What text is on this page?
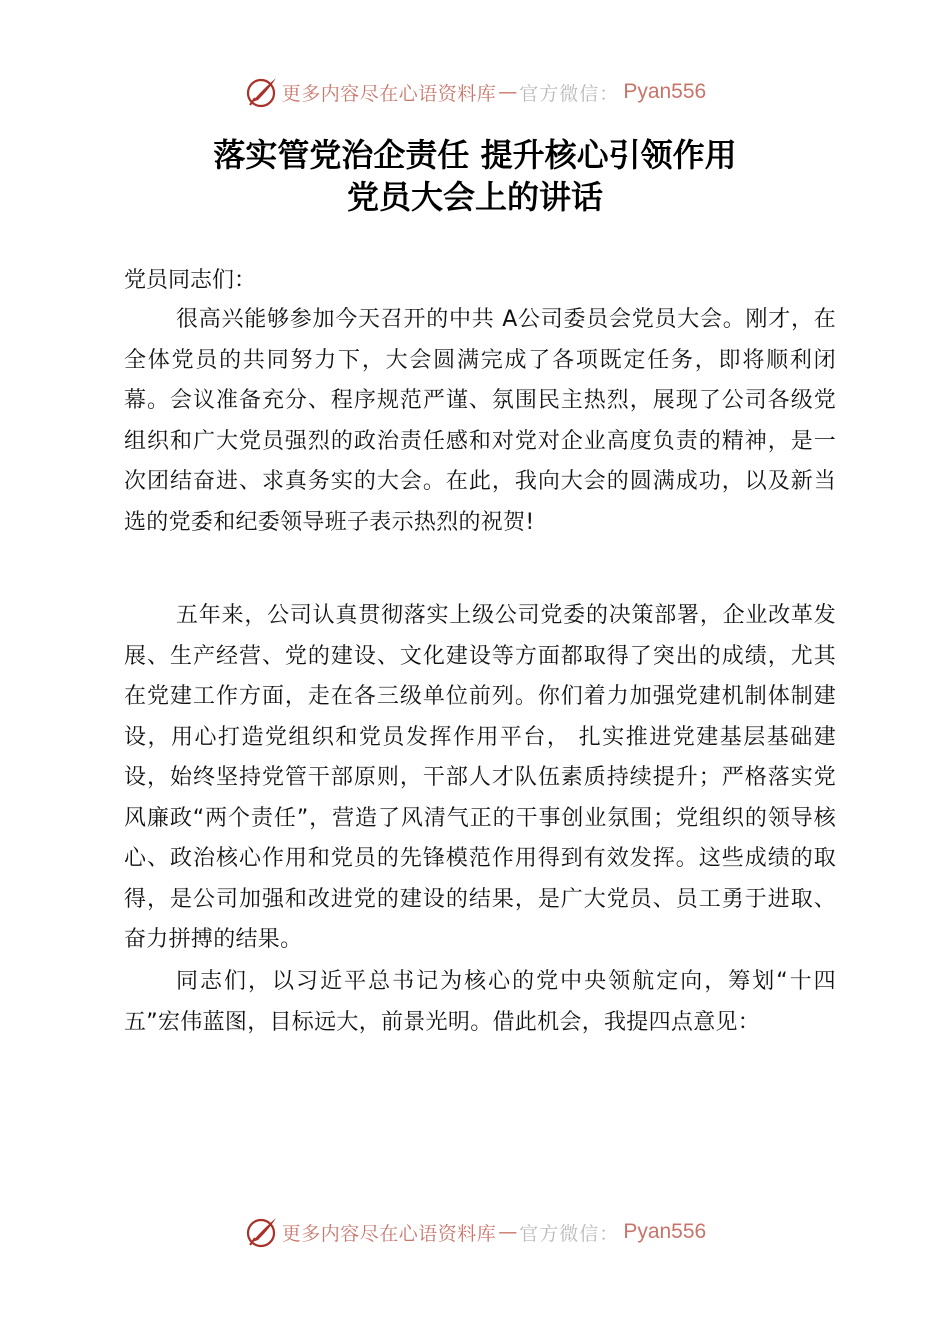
更多内容尽在心语资料库 — 官方微信： Pyan556
落实管党治企责任 提升核心引领作用
党员大会上的讲话
党员同志们：
很高兴能够参加今天召开的中共 A公司委员会党员大会。刚才，在全体党员的共同努力下，大会圆满完成了各项既定任务，即将顺利闭幕。会议准备充分、程序规范严谨、氛围民主热烈，展现了公司各级党组织和广大党员强烈的政治责任感和对党对企业高度负责的精神，是一次团结奋进、求真务实的大会。在此，我向大会的圆满成功，以及新当选的党委和纪委领导班子表示热烈的祝贺!
五年来，公司认真贯彻落实上级公司党委的决策部署，企业改革发展、生产经营、党的建设、文化建设等方面都取得了突出的成绩，尤其在党建工作方面，走在各三级单位前列。你们着力加强党建机制体制建设，用心打造党组织和党员发挥作用平台， 扎实推进党建基层基础建设，始终坚持党管干部原则，干部人才队伍素质持续提升；严格落实党风廉政“两个责任”，营造了风清气正的干事创业氛围；党组织的领导核心、政治核心作用和党员的先锋模范作用得到有效发挥。这些成绩的取得，是公司加强和改进党的建设的结果，是广大党员、员工勇于进取、奋力拼搏的结果。
同志们，以习近平总书记为核心的党中央领航定向，筹划“十四五”宏伟蓝图，目标远大，前景光明。借此机会，我提四点意见：
更多内容尽在心语资料库 — 官方微信： Pyan556
